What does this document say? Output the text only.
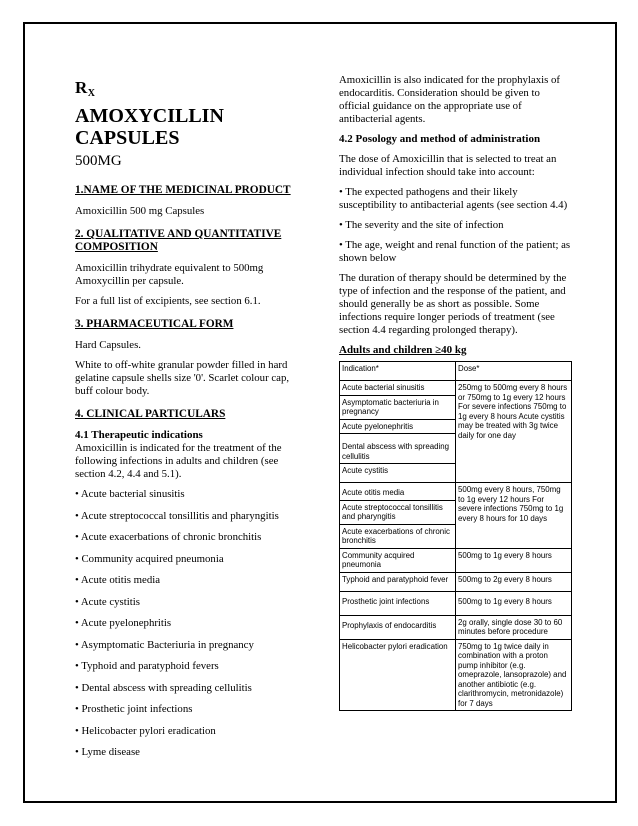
$R_X$
AMOXYCILLIN
CAPSULES
500MG
1.NAME OF THE MEDICINAL PRODUCT

Amoxicillin 500 mg Capsules

2. QUALITATIVE AND QUANTITATIVE COMPOSITION

Amoxicillin trihydrate equivalent to 500mg Amoxycillin per capsule.

For a full list of excipients, see section 6.1.

3. PHARMACEUTICAL FORM

Hard Capsules.

White to off-white granular powder filled in hard gelatine capsule shells size '0'. Scarlet colour cap, buff colour body.

4. CLINICAL PARTICULARS
4.1 Therapeutic indications

Amoxicillin is indicated for the treatment of the following infections in adults and children (see section 4.2, 4.4 and 5.1).

• Acute bacterial sinusitis
• Acute streptococcal tonsillitis and pharyngitis
• Acute exacerbations of chronic bronchitis
• Community acquired pneumonia
• Acute otitis media
• Acute cystitis
• Acute pyelonephritis
• Asymptomatic Bacteriuria in pregnancy
• Typhoid and paratyphoid fevers
• Dental abscess with spreading cellulitis
• Prosthetic joint infections
• Helicobacter pylori eradication
• Lyme disease

Amoxicillin is also indicated for the prophylaxis of endocarditis. Consideration should be given to official guidance on the appropriate use of antibacterial agents.

4.2 Posology and method of administration

The dose of Amoxicillin that is selected to treat an individual infection should take into account:

• The expected pathogens and their likely susceptibility to antibacterial agents (see section 4.4)

• The severity and the site of infection

• The age, weight and renal function of the patient; as shown below

The duration of therapy should be determined by the type of infection and the response of the patient, and should generally be as short as possible. Some infections require longer periods of treatment (see section 4.4 regarding prolonged therapy).

Adults and children ≥40 kg
Indication*	Dose*
Acute bacterial sinusitis	250mg to 500mg every 8 hours or 750mg to 1g every 12 hours For severe infections 750mg to 1g every 8 hours Acute cystitis may be treated with 3g twice daily for one day
Asymptomatic bacteriuria in pregnancy	
Acute pyelonephritis	
Dental abscess with spreading cellulitis	
Acute cystitis	
Acute otitis media	500mg every 8 hours, 750mg to 1g every 12 hours For severe infections 750mg to 1g every 8 hours for 10 days
Acute streptococcal tonsillitis and pharyngitis	
Acute exacerbations of chronic bronchitis	
Community acquired pneumonia	500mg to 1g every 8 hours
Typhoid and paratyphoid fever	500mg to 2g every 8 hours
Prosthetic joint infections	500mg to 1g every 8 hours
Prophylaxis of endocarditis	2g orally, single dose 30 to 60 minutes before procedure
Helicobacter pylori eradication	750mg to 1g twice daily in combination with a proton pump inhibitor (e.g. omeprazole, lansoprazole) and another antibiotic (e.g. clarithromycin, metronidazole) for 7 days
